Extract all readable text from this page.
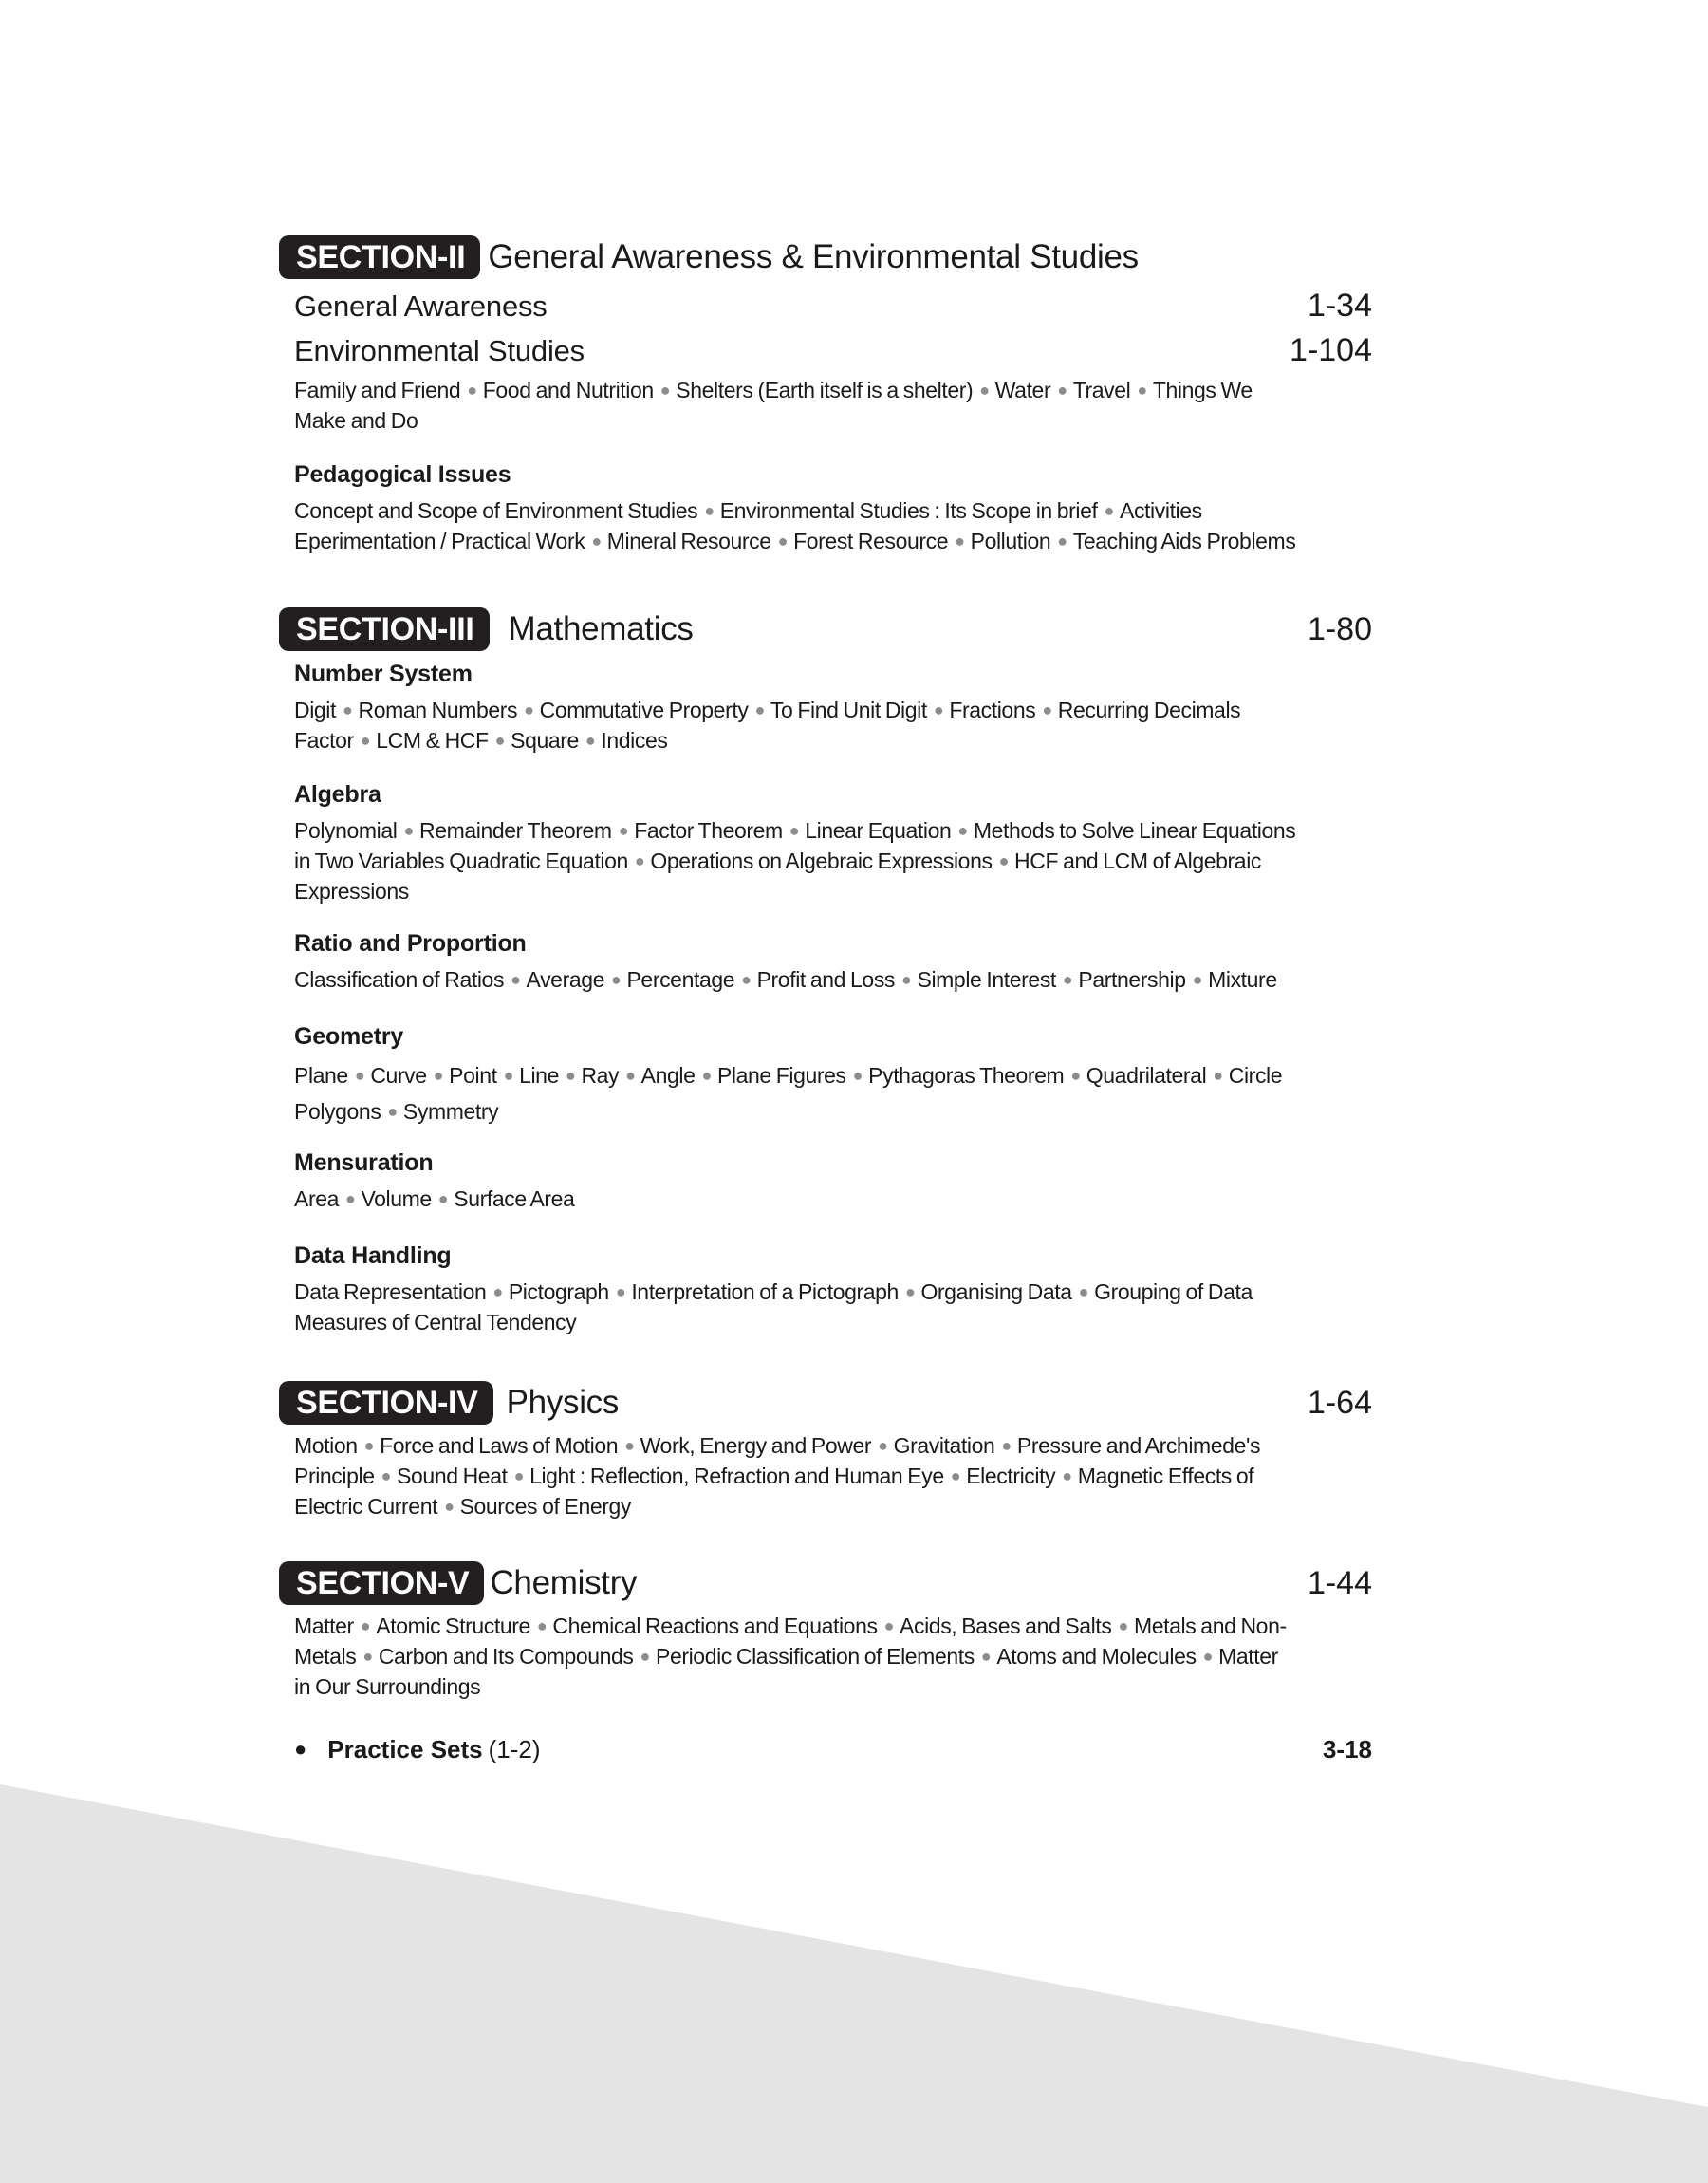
SECTION-II General Awareness & Environmental Studies
General Awareness	1-34
Environmental Studies	1-104
Family and Friend ● Food and Nutrition ● Shelters (Earth itself is a shelter) ● Water ● Travel ● Things We
Make and Do
Pedagogical Issues
Concept and Scope of Environment Studies ● Environmental Studies : Its Scope in brief ● Activities
Eperimentation / Practical Work ● Mineral Resource ● Forest Resource ● Pollution ● Teaching Aids Problems
SECTION-III	Mathematics	1-80
Number System
Digit ● Roman Numbers ● Commutative Property ● To Find Unit Digit ● Fractions ● Recurring Decimals
Factor ● LCM & HCF ● Square ● Indices
Algebra
Polynomial ● Remainder Theorem ● Factor Theorem ● Linear Equation ● Methods to Solve Linear Equations
in Two Variables Quadratic Equation ● Operations on Algebraic Expressions ● HCF and LCM of Algebraic
Expressions
Ratio and Proportion
Classification of Ratios ● Average ● Percentage ● Profit and Loss ● Simple Interest ● Partnership ● Mixture
Geometry
Plane ● Curve ● Point ● Line ● Ray ● Angle ● Plane Figures ● Pythagoras Theorem ● Quadrilateral ● Circle
Polygons ● Symmetry
Mensuration
Area ● Volume ● Surface Area
Data Handling
Data Representation ● Pictograph ● Interpretation of a Pictograph ● Organising Data ● Grouping of Data
Measures of Central Tendency
SECTION-IV Physics	1-64
Motion ● Force and Laws of Motion ● Work, Energy and Power ● Gravitation ● Pressure and Archimede's
Principle ● Sound Heat ● Light : Reflection, Refraction and Human Eye ● Electricity ● Magnetic Effects of
Electric Current ● Sources of Energy
SECTION-V Chemistry	1-44
Matter ● Atomic Structure ● Chemical Reactions and Equations ● Acids, Bases and Salts ● Metals and Non-
Metals ● Carbon and Its Compounds ● Periodic Classification of Elements ● Atoms and Molecules ● Matter
in Our Surroundings
● Practice Sets (1-2)	3-18
